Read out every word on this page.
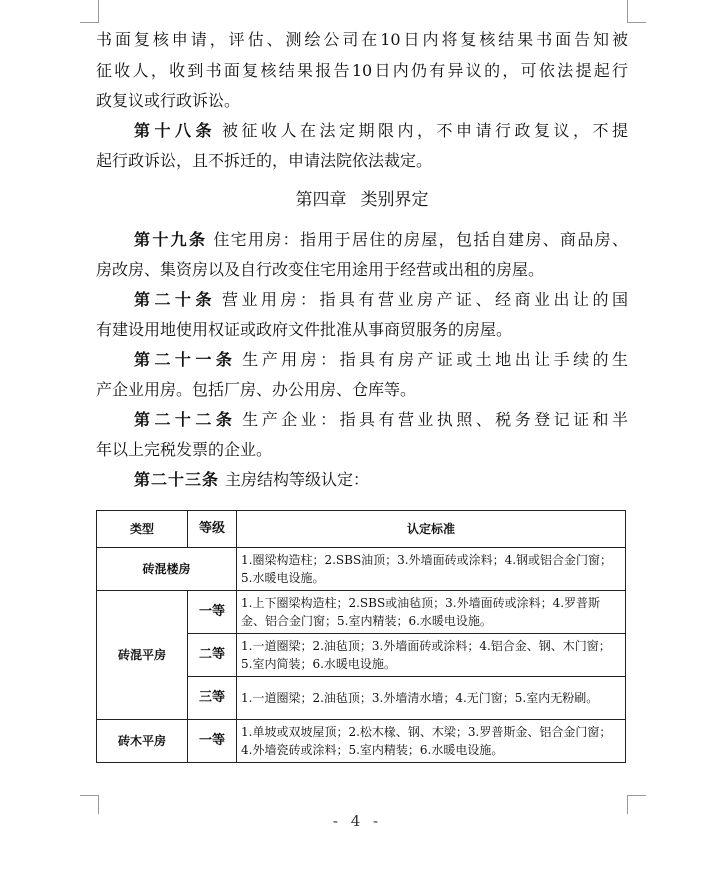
书面复核申请，评估、测绘公司在10日内将复核结果书面告知被
征收人，收到书面复核结果报告10日内仍有异议的，可依法提起行
政复议或行政诉讼。
第十八条 被征收人在法定期限内，不申请行政复议，不提
起行政诉讼，且不拆迁的，申请法院依法裁定。
第四章 类别界定
第十九条 住宅用房：指用于居住的房屋，包括自建房、商品房、
房改房、集资房以及自行改变住宅用途用于经营或出租的房屋。
第二十条 营业用房：指具有营业房产证、经商业出让的国
有建设用地使用权证或政府文件批准从事商贸服务的房屋。
第二十一条 生产用房：指具有房产证或土地出让手续的生
产企业用房。包括厂房、办公用房、仓库等。
第二十二条 生产企业：指具有营业执照、税务登记证和半
年以上完税发票的企业。
第二十三条 主房结构等级认定：
类型	等级	认定标准
砖混楼房		1.圈梁构造柱；2.SBS油顶；3.外墙面砖或涂料；4.钢或铝合金门窗；5.水暖电设施。
砖混平房	一等	1.上下圈梁构造柱；2.SBS或油毡顶；3.外墙面砖或涂料；4.罗普斯金、铝合金门窗；5.室内精装；6.水暖电设施。
	二等	1.一道圈梁；2.油毡顶；3.外墙面砖或涂料；4.铝合金、钢、木门窗；5.室内简装；6.水暖电设施。
	三等	1.一道圈梁；2.油毡顶；3.外墙清水墙；4.无门窗；5.室内无粉刷。
砖木平房	一等	1.单坡或双坡屋顶；2.松木椽、钢、木梁；3.罗普斯金、铝合金门窗；4.外墙瓷砖或涂料；5.室内精装；6.水暖电设施。
- 4 -
